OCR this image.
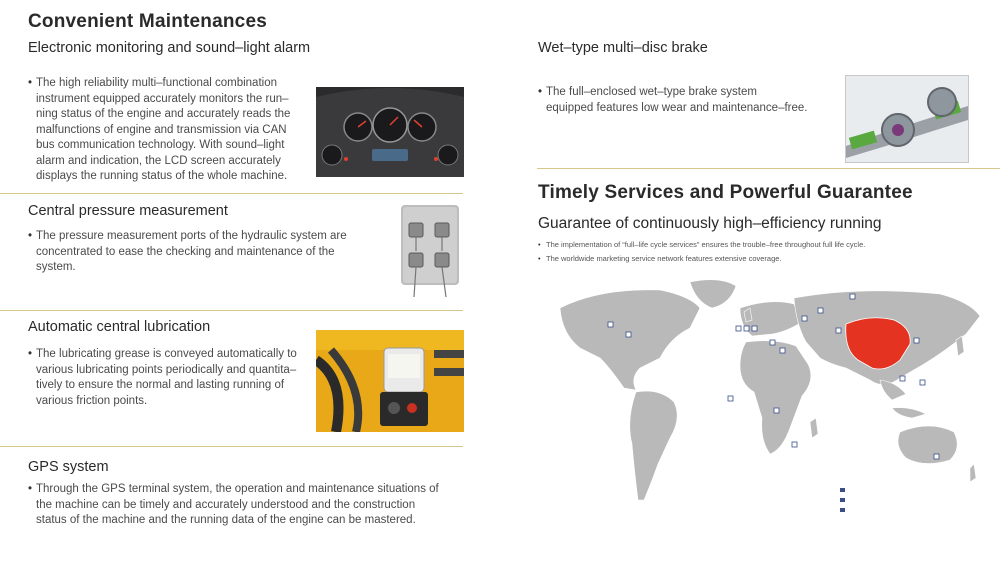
Convenient Maintenances
Electronic monitoring and sound–light alarm
• The high reliability multi–functional combination
instrument equipped accurately monitors the run–
ning status of the engine and accurately reads the
malfunctions of engine and transmission via CAN
bus communication technology. With sound–light
alarm and indication, the LCD screen accurately
displays the running status of the whole machine.
Central pressure measurement
• The pressure measurement ports of the hydraulic system are
concentrated to ease the checking and maintenance of the
system.
Automatic central lubrication
• The lubricating grease is conveyed automatically to
various lubricating points periodically and quantita–
tively to ensure the normal and lasting running of
various friction points.
GPS system
• Through the GPS terminal system, the operation and maintenance situations of
the machine can be timely and accurately understood and the construction
status of the machine and the running data of the engine can be mastered.
Wet–type multi–disc brake
• The full–enclosed wet–type brake system
equipped features low wear and maintenance–free.
Timely Services and Powerful Guarantee
Guarantee of continuously high–efficiency running
• The implementation of “full–life cycle services” ensures the trouble–free throughout full life cycle.
• The worldwide marketing service network features extensive coverage.
